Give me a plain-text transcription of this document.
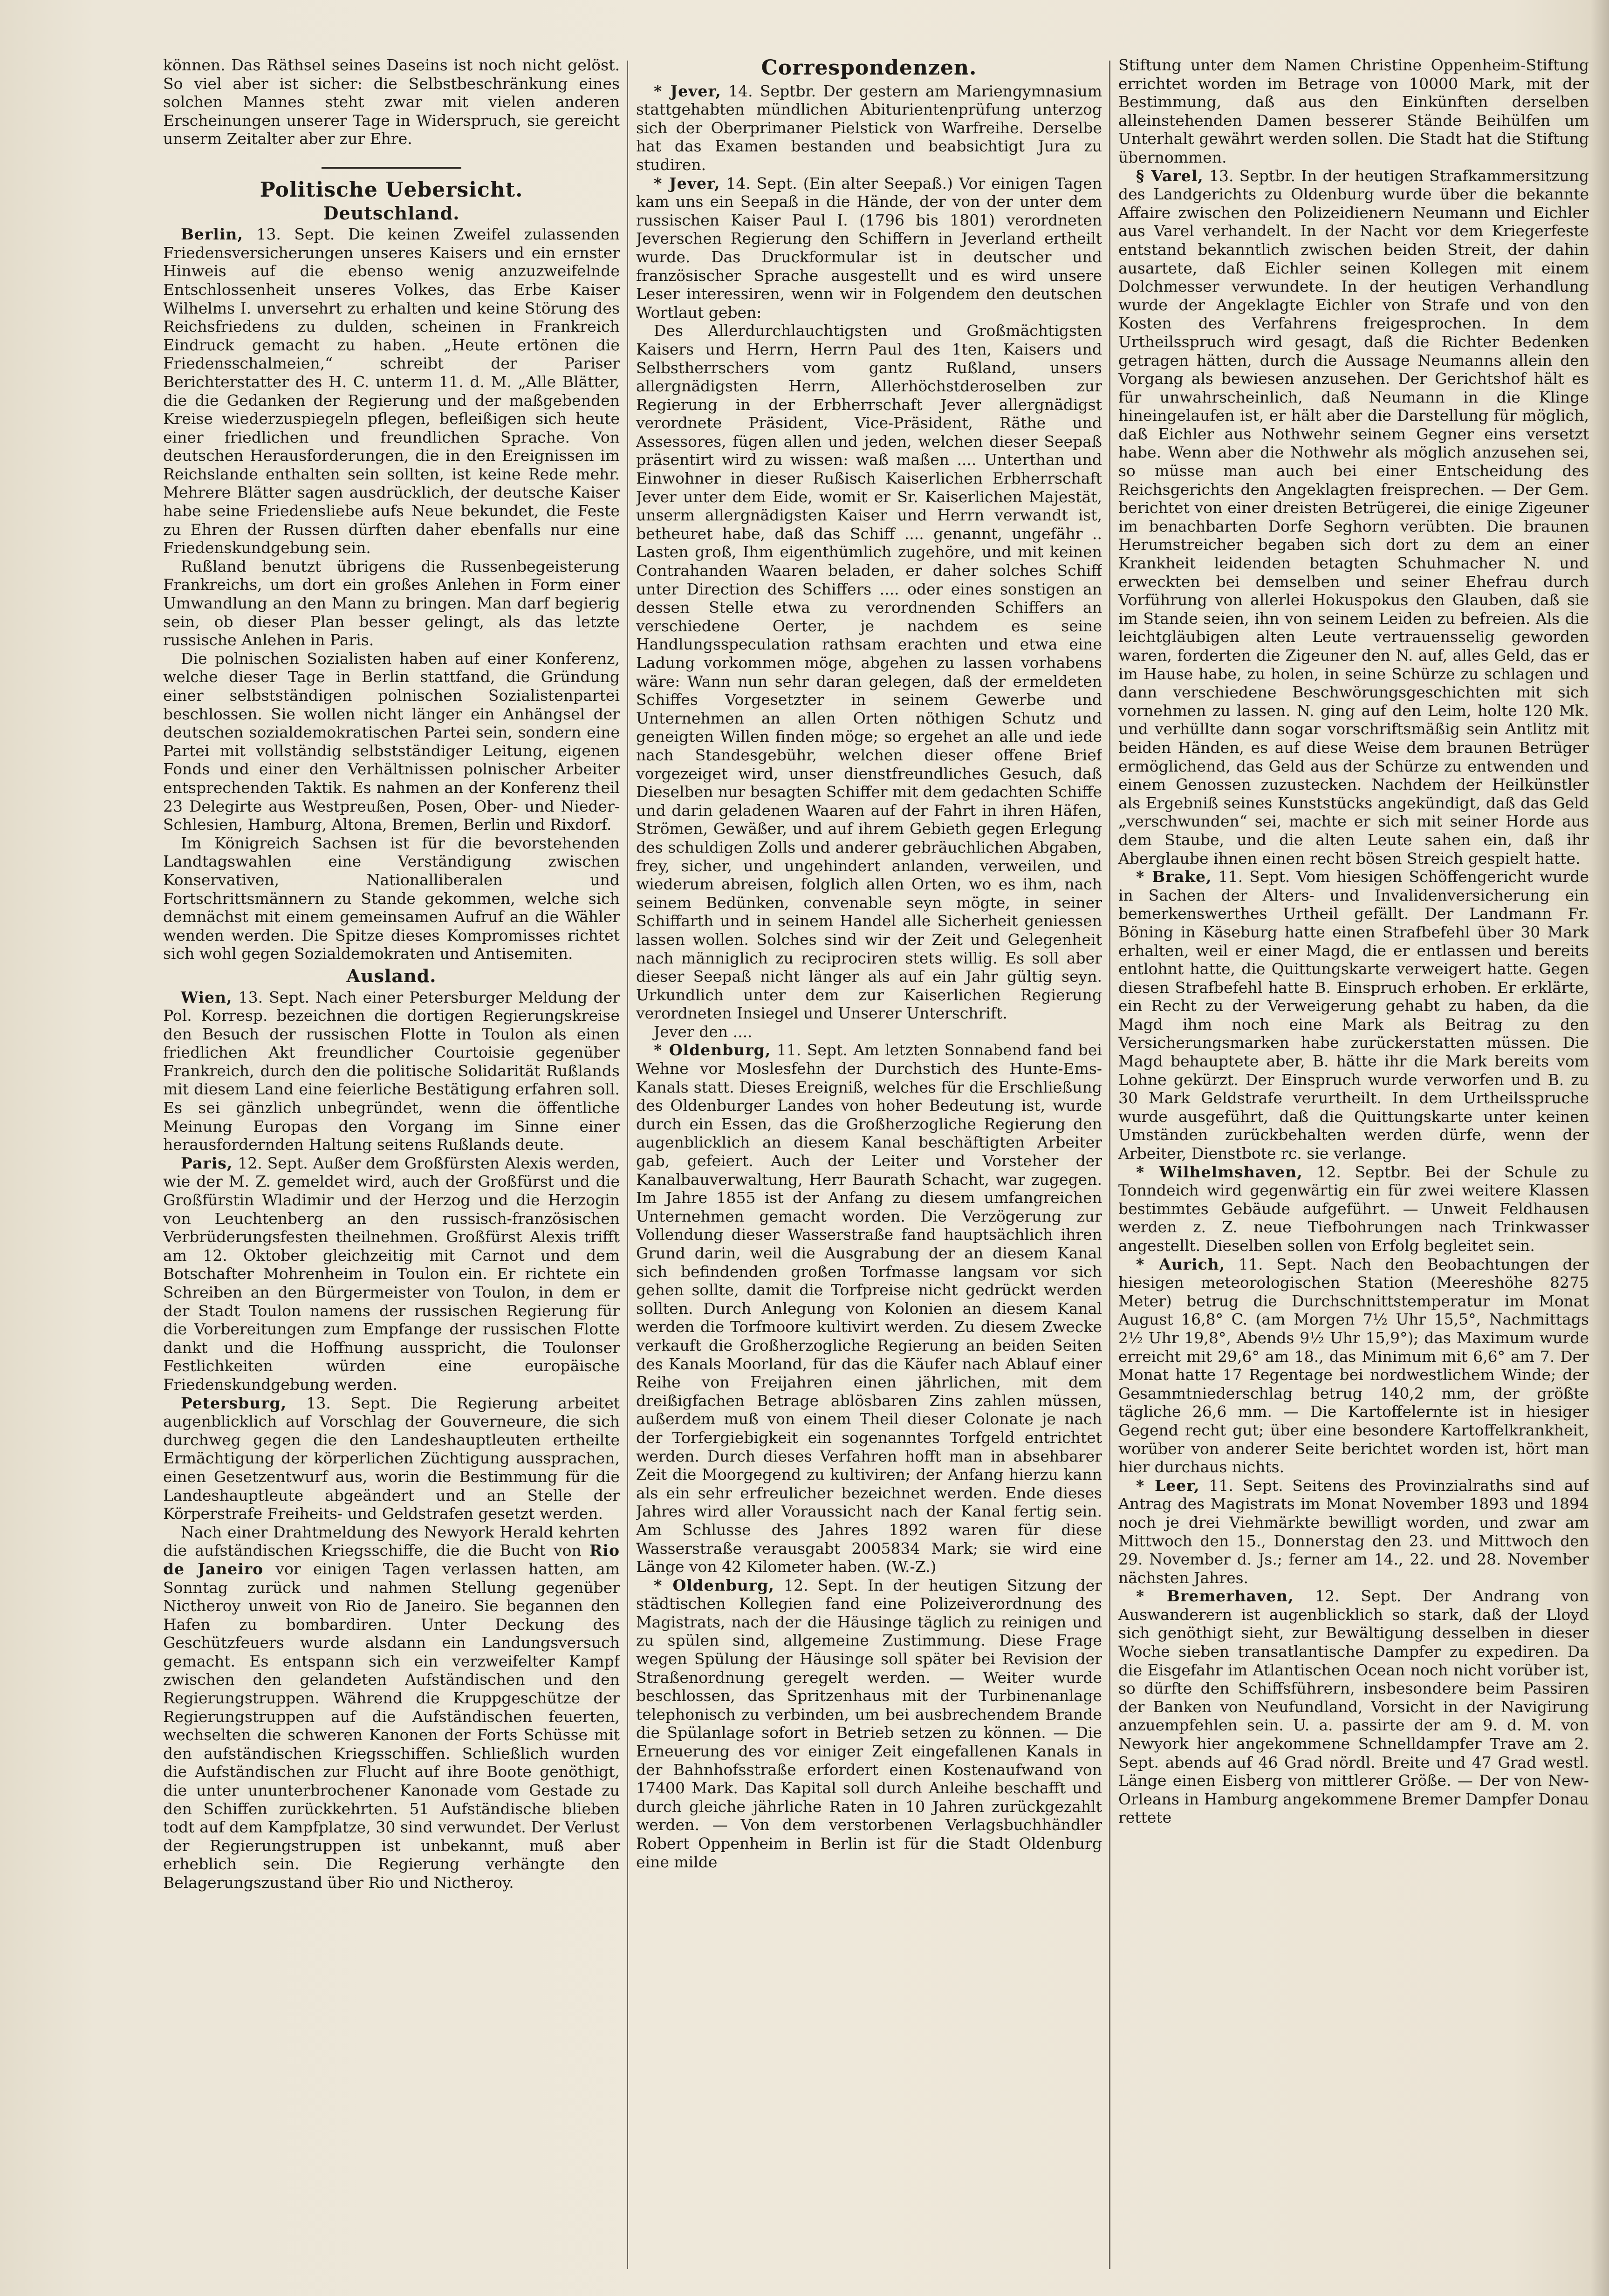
können. Das Räthsel seines Daseins ist noch nicht gelöst. So viel aber ist sicher: die Selbstbeschränkung eines solchen Mannes steht zwar mit vielen anderen Erscheinungen unserer Tage in Widerspruch, sie gereicht unserm Zeitalter aber zur Ehre.

Politische Uebersicht.
Deutschland.

Berlin, 13. Sept. Die keinen Zweifel zulassenden Friedensversicherungen unseres Kaisers und ein ernster Hinweis auf die ebenso wenig anzuzweifelnde Entschlossenheit unseres Volkes, das Erbe Kaiser Wilhelms I. unversehrt zu erhalten und keine Störung des Reichsfriedens zu dulden, scheinen in Frankreich Eindruck gemacht zu haben. „Heute ertönen die Friedensschalmeien,“ schreibt der Pariser Berichterstatter des H. C. unterm 11. d. M. „Alle Blätter, die die Gedanken der Regierung und der maßgebenden Kreise wiederzuspiegeln pflegen, befleißigen sich heute einer friedlichen und freundlichen Sprache. Von deutschen Herausforderungen, die in den Ereignissen im Reichslande enthalten sein sollten, ist keine Rede mehr. Mehrere Blätter sagen ausdrücklich, der deutsche Kaiser habe seine Friedensliebe aufs Neue bekundet, die Feste zu Ehren der Russen dürften daher ebenfalls nur eine Friedenskundgebung sein.

Rußland benutzt übrigens die Russenbegeisterung Frankreichs, um dort ein großes Anlehen in Form einer Umwandlung an den Mann zu bringen. Man darf begierig sein, ob dieser Plan besser gelingt, als das letzte russische Anlehen in Paris.

Die polnischen Sozialisten haben auf einer Konferenz, welche dieser Tage in Berlin stattfand, die Gründung einer selbstständigen polnischen Sozialistenpartei beschlossen. Sie wollen nicht länger ein Anhängsel der deutschen sozialdemokratischen Partei sein, sondern eine Partei mit vollständig selbstständiger Leitung, eigenen Fonds und einer den Verhältnissen polnischer Arbeiter entsprechenden Taktik. Es nahmen an der Konferenz theil 23 Delegirte aus Westpreußen, Posen, Ober- und Nieder-Schlesien, Hamburg, Altona, Bremen, Berlin und Rixdorf.

Im Königreich Sachsen ist für die bevorstehenden Landtagswahlen eine Verständigung zwischen Konservativen, Nationalliberalen und Fortschrittsmännern zu Stande gekommen, welche sich demnächst mit einem gemeinsamen Aufruf an die Wähler wenden werden. Die Spitze dieses Kompromisses richtet sich wohl gegen Sozialdemokraten und Antisemiten.

Ausland.

Wien, 13. Sept. Nach einer Petersburger Meldung der Pol. Korresp. bezeichnen die dortigen Regierungskreise den Besuch der russischen Flotte in Toulon als einen friedlichen Akt freundlicher Courtoisie gegenüber Frankreich, durch den die politische Solidarität Rußlands mit diesem Land eine feierliche Bestätigung erfahren soll. Es sei gänzlich unbegründet, wenn die öffentliche Meinung Europas den Vorgang im Sinne einer herausfordernden Haltung seitens Rußlands deute.

Paris, 12. Sept. Außer dem Großfürsten Alexis werden, wie der M. Z. gemeldet wird, auch der Großfürst und die Großfürstin Wladimir und der Herzog und die Herzogin von Leuchtenberg an den russisch-französischen Verbrüderungsfesten theilnehmen. Großfürst Alexis trifft am 12. Oktober gleichzeitig mit Carnot und dem Botschafter Mohrenheim in Toulon ein. Er richtete ein Schreiben an den Bürgermeister von Toulon, in dem er der Stadt Toulon namens der russischen Regierung für die Vorbereitungen zum Empfange der russischen Flotte dankt und die Hoffnung ausspricht, die Toulonser Festlichkeiten würden eine europäische Friedenskundgebung werden.

Petersburg, 13. Sept. Die Regierung arbeitet augenblicklich auf Vorschlag der Gouverneure, die sich durchweg gegen die den Landeshauptleuten ertheilte Ermächtigung der körperlichen Züchtigung aussprachen, einen Gesetzentwurf aus, worin die Bestimmung für die Landeshauptleute abgeändert und an Stelle der Körperstrafe Freiheits- und Geldstrafen gesetzt werden.

Nach einer Drahtmeldung des Newyork Herald kehrten die aufständischen Kriegsschiffe, die die Bucht von Rio de Janeiro vor einigen Tagen verlassen hatten, am Sonntag zurück und nahmen Stellung gegenüber Nictheroy unweit von Rio de Janeiro. Sie begannen den Hafen zu bombardiren. Unter Deckung des Geschützfeuers wurde alsdann ein Landungsversuch gemacht. Es entspann sich ein verzweifelter Kampf zwischen den gelandeten Aufständischen und den Regierungstruppen. Während die Kruppgeschütze der Regierungstruppen auf die Aufständischen feuerten, wechselten die schweren Kanonen der Forts Schüsse mit den aufständischen Kriegsschiffen. Schließlich wurden die Aufständischen zur Flucht auf ihre Boote genöthigt, die unter ununterbrochener Kanonade vom Gestade zu den Schiffen zurückkehrten. 51 Aufständische blieben todt auf dem Kampfplatze, 30 sind verwundet. Der Verlust der Regierungstruppen ist unbekannt, muß aber erheblich sein. Die Regierung verhängte den Belagerungszustand über Rio und Nictheroy.

Correspondenzen.

* Jever, 14. Septbr. Der gestern am Mariengymnasium stattgehabten mündlichen Abiturientenprüfung unterzog sich der Oberprimaner Pielstick von Warfreihe. Derselbe hat das Examen bestanden und beabsichtigt Jura zu studiren.

* Jever, 14. Sept. (Ein alter Seepaß.) Vor einigen Tagen kam uns ein Seepaß in die Hände, der von der unter dem russischen Kaiser Paul I. (1796 bis 1801) verordneten Jeverschen Regierung den Schiffern in Jeverland ertheilt wurde. Das Druckformular ist in deutscher und französischer Sprache ausgestellt und es wird unsere Leser interessiren, wenn wir in Folgendem den deutschen Wortlaut geben:

Des Allerdurchlauchtigsten und Großmächtigsten Kaisers und Herrn, Herrn Paul des 1ten, Kaisers und Selbstherrschers vom gantz Rußland, unsers allergnädigsten Herrn, Allerhöchstderoselben zur Regierung in der Erbherrschaft Jever allergnädigst verordnete Präsident, Vice-Präsident, Räthe und Assessores, fügen allen und jeden, welchen dieser Seepaß präsentirt wird zu wissen: waß maßen .... Unterthan und Einwohner in dieser Rußisch Kaiserlichen Erbherrschaft Jever unter dem Eide, womit er Sr. Kaiserlichen Majestät, unserm allergnädigsten Kaiser und Herrn verwandt ist, betheuret habe, daß das Schiff .... genannt, ungefähr .. Lasten groß, Ihm eigenthümlich zugehöre, und mit keinen Contrahanden Waaren beladen, er daher solches Schiff unter Direction des Schiffers .... oder eines sonstigen an dessen Stelle etwa zu verordnenden Schiffers an verschiedene Oerter, je nachdem es seine Handlungsspeculation rathsam erachten und etwa eine Ladung vorkommen möge, abgehen zu lassen vorhabens wäre: Wann nun sehr daran gelegen, daß der ermeldeten Schiffes Vorgesetzter in seinem Gewerbe und Unternehmen an allen Orten nöthigen Schutz und geneigten Willen finden möge; so ergehet an alle und iede nach Standesgebühr, welchen dieser offene Brief vorgezeiget wird, unser dienstfreundliches Gesuch, daß Dieselben nur besagten Schiffer mit dem gedachten Schiffe und darin geladenen Waaren auf der Fahrt in ihren Häfen, Strömen, Gewäßer, und auf ihrem Gebieth gegen Erlegung des schuldigen Zolls und anderer gebräuchlichen Abgaben, frey, sicher, und ungehindert anlanden, verweilen, und wiederum abreisen, folglich allen Orten, wo es ihm, nach seinem Bedünken, convenable seyn mögte, in seiner Schiffarth und in seinem Handel alle Sicherheit geniessen lassen wollen. Solches sind wir der Zeit und Gelegenheit nach männiglich zu reciprociren stets willig. Es soll aber dieser Seepaß nicht länger als auf ein Jahr gültig seyn. Urkundlich unter dem zur Kaiserlichen Regierung verordneten Insiegel und Unserer Unterschrift.

Jever den ....

* Oldenburg, 11. Sept. Am letzten Sonnabend fand bei Wehne vor Moslesfehn der Durchstich des Hunte-Ems-Kanals statt. Dieses Ereigniß, welches für die Erschließung des Oldenburger Landes von hoher Bedeutung ist, wurde durch ein Essen, das die Großherzogliche Regierung den augenblicklich an diesem Kanal beschäftigten Arbeiter gab, gefeiert. Auch der Leiter und Vorsteher der Kanalbauverwaltung, Herr Baurath Schacht, war zugegen. Im Jahre 1855 ist der Anfang zu diesem umfangreichen Unternehmen gemacht worden. Die Verzögerung zur Vollendung dieser Wasserstraße fand hauptsächlich ihren Grund darin, weil die Ausgrabung der an diesem Kanal sich befindenden großen Torfmasse langsam vor sich gehen sollte, damit die Torfpreise nicht gedrückt werden sollten. Durch Anlegung von Kolonien an diesem Kanal werden die Torfmoore kultivirt werden. Zu diesem Zwecke verkauft die Großherzogliche Regierung an beiden Seiten des Kanals Moorland, für das die Käufer nach Ablauf einer Reihe von Freijahren einen jährlichen, mit dem dreißigfachen Betrage ablösbaren Zins zahlen müssen, außerdem muß von einem Theil dieser Colonate je nach der Torfergiebigkeit ein sogenanntes Torfgeld entrichtet werden. Durch dieses Verfahren hofft man in absehbarer Zeit die Moorgegend zu kultiviren; der Anfang hierzu kann als ein sehr erfreulicher bezeichnet werden. Ende dieses Jahres wird aller Voraussicht nach der Kanal fertig sein. Am Schlusse des Jahres 1892 waren für diese Wasserstraße verausgabt 2005834 Mark; sie wird eine Länge von 42 Kilometer haben. (W.-Z.)

* Oldenburg, 12. Sept. In der heutigen Sitzung der städtischen Kollegien fand eine Polizeiverordnung des Magistrats, nach der die Häusinge täglich zu reinigen und zu spülen sind, allgemeine Zustimmung. Diese Frage wegen Spülung der Häusinge soll später bei Revision der Straßenordnung geregelt werden. — Weiter wurde beschlossen, das Spritzenhaus mit der Turbinenanlage telephonisch zu verbinden, um bei ausbrechendem Brande die Spülanlage sofort in Betrieb setzen zu können. — Die Erneuerung des vor einiger Zeit eingefallenen Kanals in der Bahnhofsstraße erfordert einen Kostenaufwand von 17400 Mark. Das Kapital soll durch Anleihe beschafft und durch gleiche jährliche Raten in 10 Jahren zurückgezahlt werden. — Von dem verstorbenen Verlagsbuchhändler Robert Oppenheim in Berlin ist für die Stadt Oldenburg eine milde

Stiftung unter dem Namen Christine Oppenheim-Stiftung errichtet worden im Betrage von 10000 Mark, mit der Bestimmung, daß aus den Einkünften derselben alleinstehenden Damen besserer Stände Beihülfen um Unterhalt gewährt werden sollen. Die Stadt hat die Stiftung übernommen.

§ Varel, 13. Septbr. In der heutigen Strafkammersitzung des Landgerichts zu Oldenburg wurde über die bekannte Affaire zwischen den Polizeidienern Neumann und Eichler aus Varel verhandelt. In der Nacht vor dem Kriegerfeste entstand bekanntlich zwischen beiden Streit, der dahin ausartete, daß Eichler seinen Kollegen mit einem Dolchmesser verwundete. In der heutigen Verhandlung wurde der Angeklagte Eichler von Strafe und von den Kosten des Verfahrens freigesprochen. In dem Urtheilsspruch wird gesagt, daß die Richter Bedenken getragen hätten, durch die Aussage Neumanns allein den Vorgang als bewiesen anzusehen. Der Gerichtshof hält es für unwahrscheinlich, daß Neumann in die Klinge hineingelaufen ist, er hält aber die Darstellung für möglich, daß Eichler aus Nothwehr seinem Gegner eins versetzt habe. Wenn aber die Nothwehr als möglich anzusehen sei, so müsse man auch bei einer Entscheidung des Reichsgerichts den Angeklagten freisprechen. — Der Gem. berichtet von einer dreisten Betrügerei, die einige Zigeuner im benachbarten Dorfe Seghorn verübten. Die braunen Herumstreicher begaben sich dort zu dem an einer Krankheit leidenden betagten Schuhmacher N. und erweckten bei demselben und seiner Ehefrau durch Vorführung von allerlei Hokuspokus den Glauben, daß sie im Stande seien, ihn von seinem Leiden zu befreien. Als die leichtgläubigen alten Leute vertrauensselig geworden waren, forderten die Zigeuner den N. auf, alles Geld, das er im Hause habe, zu holen, in seine Schürze zu schlagen und dann verschiedene Beschwörungsgeschichten mit sich vornehmen zu lassen. N. ging auf den Leim, holte 120 Mk. und verhüllte dann sogar vorschriftsmäßig sein Antlitz mit beiden Händen, es auf diese Weise dem braunen Betrüger ermöglichend, das Geld aus der Schürze zu entwenden und einem Genossen zuzustecken. Nachdem der Heilkünstler als Ergebniß seines Kunststücks angekündigt, daß das Geld „verschwunden“ sei, machte er sich mit seiner Horde aus dem Staube, und die alten Leute sahen ein, daß ihr Aberglaube ihnen einen recht bösen Streich gespielt hatte.

* Brake, 11. Sept. Vom hiesigen Schöffengericht wurde in Sachen der Alters- und Invalidenversicherung ein bemerkenswerthes Urtheil gefällt. Der Landmann Fr. Böning in Käseburg hatte einen Strafbefehl über 30 Mark erhalten, weil er einer Magd, die er entlassen und bereits entlohnt hatte, die Quittungskarte verweigert hatte. Gegen diesen Strafbefehl hatte B. Einspruch erhoben. Er erklärte, ein Recht zu der Verweigerung gehabt zu haben, da die Magd ihm noch eine Mark als Beitrag zu den Versicherungsmarken habe zurückerstatten müssen. Die Magd behauptete aber, B. hätte ihr die Mark bereits vom Lohne gekürzt. Der Einspruch wurde verworfen und B. zu 30 Mark Geldstrafe verurtheilt. In dem Urtheilsspruche wurde ausgeführt, daß die Quittungskarte unter keinen Umständen zurückbehalten werden dürfe, wenn der Arbeiter, Dienstbote rc. sie verlange.

* Wilhelmshaven, 12. Septbr. Bei der Schule zu Tonndeich wird gegenwärtig ein für zwei weitere Klassen bestimmtes Gebäude aufgeführt. — Unweit Feldhausen werden z. Z. neue Tiefbohrungen nach Trinkwasser angestellt. Dieselben sollen von Erfolg begleitet sein.

* Aurich, 11. Sept. Nach den Beobachtungen der hiesigen meteorologischen Station (Meereshöhe 8275 Meter) betrug die Durchschnittstemperatur im Monat August 16,8° C. (am Morgen 7½ Uhr 15,5°, Nachmittags 2½ Uhr 19,8°, Abends 9½ Uhr 15,9°); das Maximum wurde erreicht mit 29,6° am 18., das Minimum mit 6,6° am 7. Der Monat hatte 17 Regentage bei nordwestlichem Winde; der Gesammtniederschlag betrug 140,2 mm, der größte tägliche 26,6 mm. — Die Kartoffelernte ist in hiesiger Gegend recht gut; über eine besondere Kartoffelkrankheit, worüber von anderer Seite berichtet worden ist, hört man hier durchaus nichts.

* Leer, 11. Sept. Seitens des Provinzialraths sind auf Antrag des Magistrats im Monat November 1893 und 1894 noch je drei Viehmärkte bewilligt worden, und zwar am Mittwoch den 15., Donnerstag den 23. und Mittwoch den 29. November d. Js.; ferner am 14., 22. und 28. November nächsten Jahres.

* Bremerhaven, 12. Sept. Der Andrang von Auswanderern ist augenblicklich so stark, daß der Lloyd sich genöthigt sieht, zur Bewältigung desselben in dieser Woche sieben transatlantische Dampfer zu expediren. Da die Eisgefahr im Atlantischen Ocean noch nicht vorüber ist, so dürfte den Schiffsführern, insbesondere beim Passiren der Banken von Neufundland, Vorsicht in der Navigirung anzuempfehlen sein. U. a. passirte der am 9. d. M. von Newyork hier angekommene Schnelldampfer Trave am 2. Sept. abends auf 46 Grad nördl. Breite und 47 Grad westl. Länge einen Eisberg von mittlerer Größe. — Der von New-Orleans in Hamburg angekommene Bremer Dampfer Donau rettete
